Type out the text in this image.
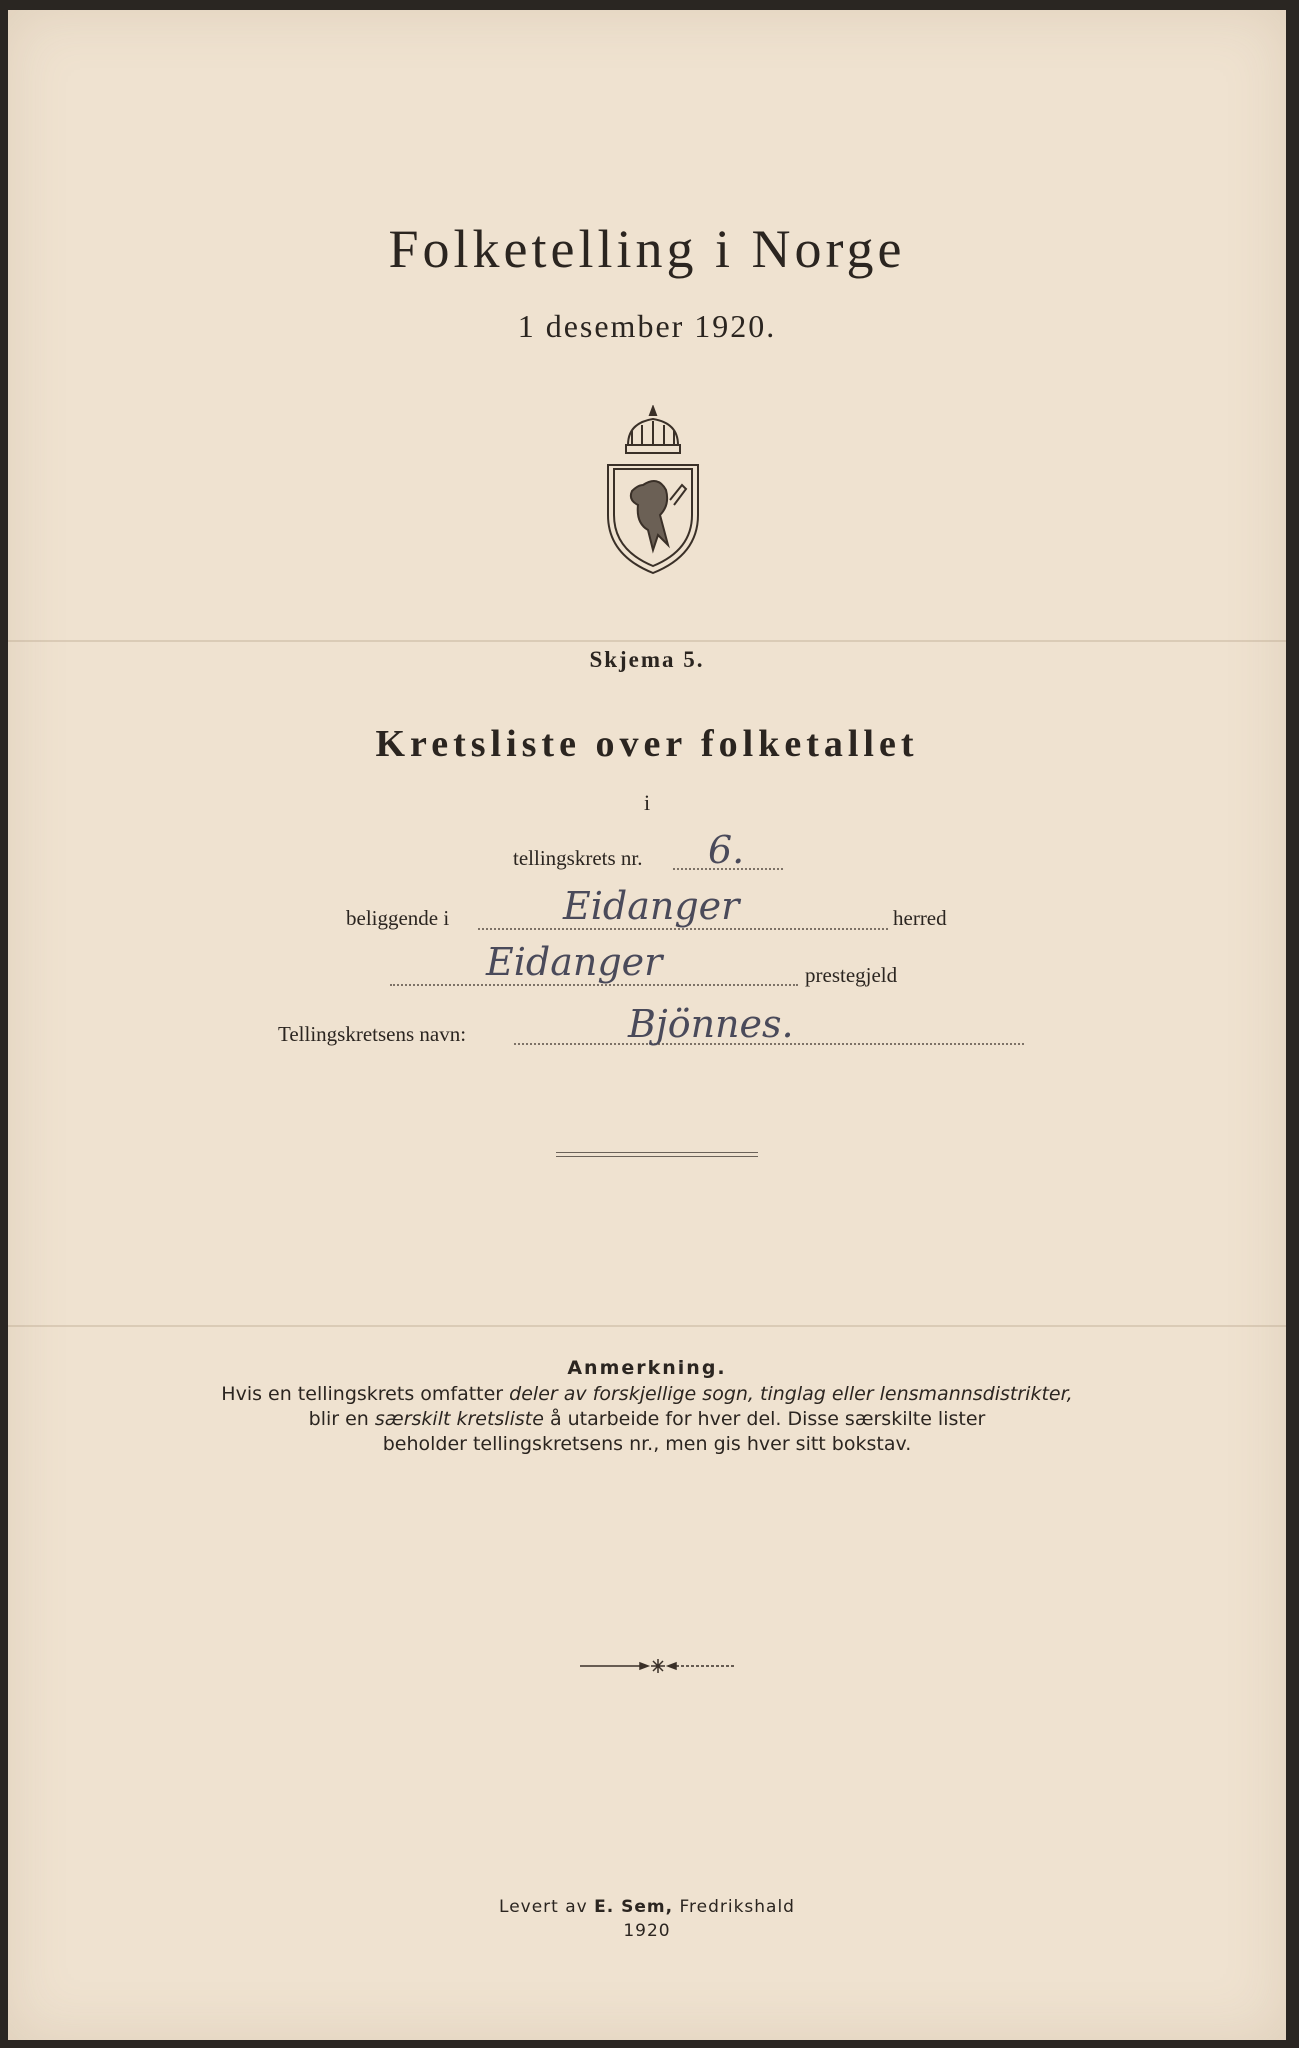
Folketelling i Norge
1 desember 1920.
Skjema 5.
Kretsliste over folketallet
i
tellingskrets nr. 6.
beliggende i	Eidanger	herred
Eidanger	prestegjeld
Tellingskretsens navn:	Bjönnes.
Anmerkning.
Hvis en tellingskrets omfatter deler av forskjellige sogn, tinglag eller lensmannsdistrikter,
blir en særskilt kretsliste å utarbeide for hver del. Disse særskilte lister
beholder tellingskretsens nr., men gis hver sitt bokstav.
Levert av E. Sem, Fredrikshald
1920
